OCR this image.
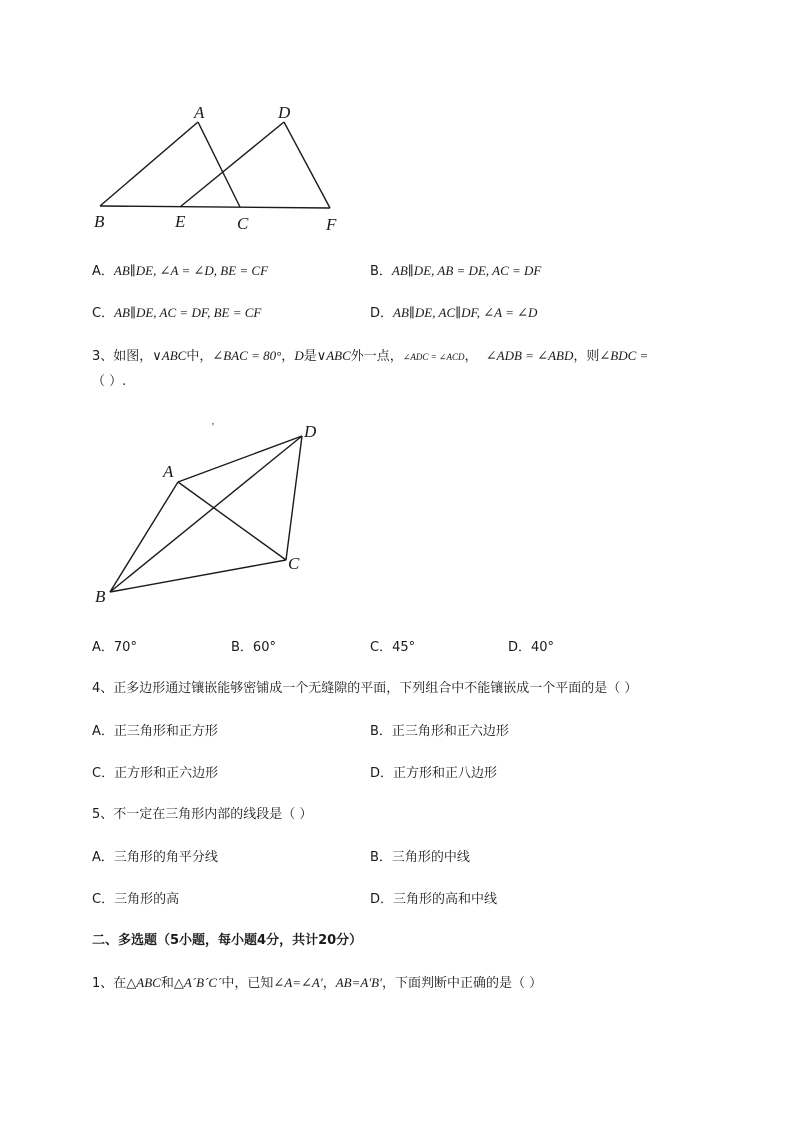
A	D
B	E	C	F
A．AB∥DE, ∠A = ∠D, BE = CF	B．AB∥DE, AB = DE, AC = DF
C．AB∥DE, AC = DF, BE = CF	D．AB∥DE, AC∥DF, ∠A = ∠D
3、如图，∨ABC中，∠BAC = 80°，D是∨ABC外一点，∠ADC = ∠ACD， ∠ADB = ∠ABD，则∠BDC =
（ ）.
'	D
A
C
B
A．70°	B．60°	C．45°	D．40°
4、正多边形通过镶嵌能够密铺成一个无缝隙的平面，下列组合中不能镶嵌成一个平面的是（ ）
A．正三角形和正方形	B．正三角形和正六边形
C．正方形和正六边形	D．正方形和正八边形
5、不一定在三角形内部的线段是（ ）
A．三角形的角平分线	B．三角形的中线
C．三角形的高	D．三角形的高和中线
二、多选题（5小题，每小题4分，共计20分）
1、在△ABC和△A´B´C´中，已知∠A=∠A′，AB=A′B′，下面判断中正确的是（ ）
